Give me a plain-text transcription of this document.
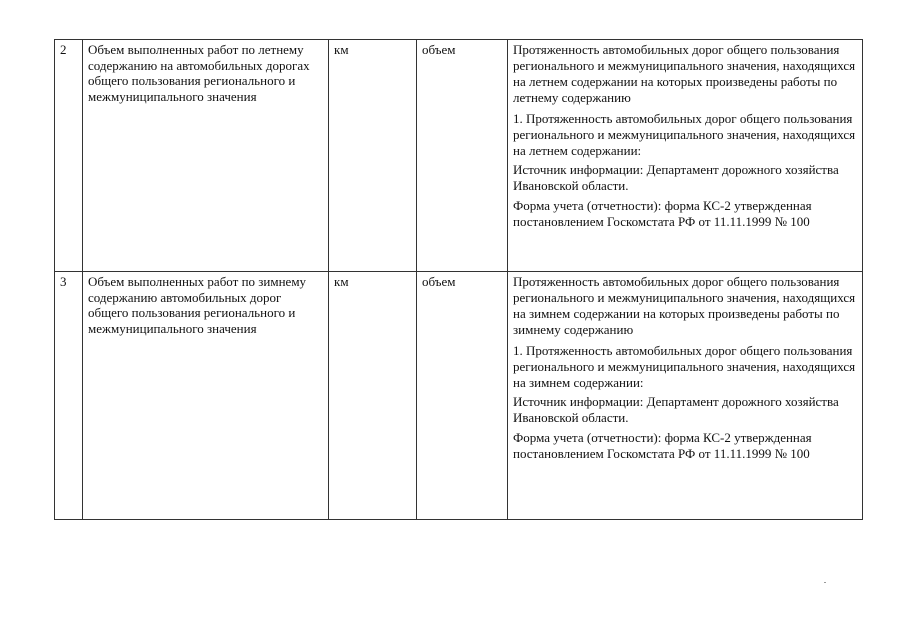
2	Объем выполненных работ по летнему содержанию на автомобильных дорогах общего пользования регионального и межмуниципального значения	км	объем	Протяженность автомобильных дорог общего пользования регионального и межмуниципального значения, находящихся на летнем содержании на которых произведены работы по летнему содержанию

1. Протяженность автомобильных дорог общего пользования регионального и межмуниципального значения, находящихся на летнем содержании:

Источник информации: Департамент дорожного хозяйства Ивановской области.

Форма учета (отчетности): форма КС-2 утвержденная постановлением Госкомстата РФ от 11.11.1999 № 100

3	Объем выполненных работ по зимнему содержанию автомобильных дорог общего пользования регионального и межмуниципального значения	км	объем	Протяженность автомобильных дорог общего пользования регионального и межмуниципального значения, находящихся на зимнем содержании на которых произведены работы по зимнему содержанию

1. Протяженность автомобильных дорог общего пользования регионального и межмуниципального значения, находящихся на зимнем содержании:

Источник информации: Департамент дорожного хозяйства Ивановской области.

Форма учета (отчетности): форма КС-2 утвержденная постановлением Госкомстата РФ от 11.11.1999 № 100
